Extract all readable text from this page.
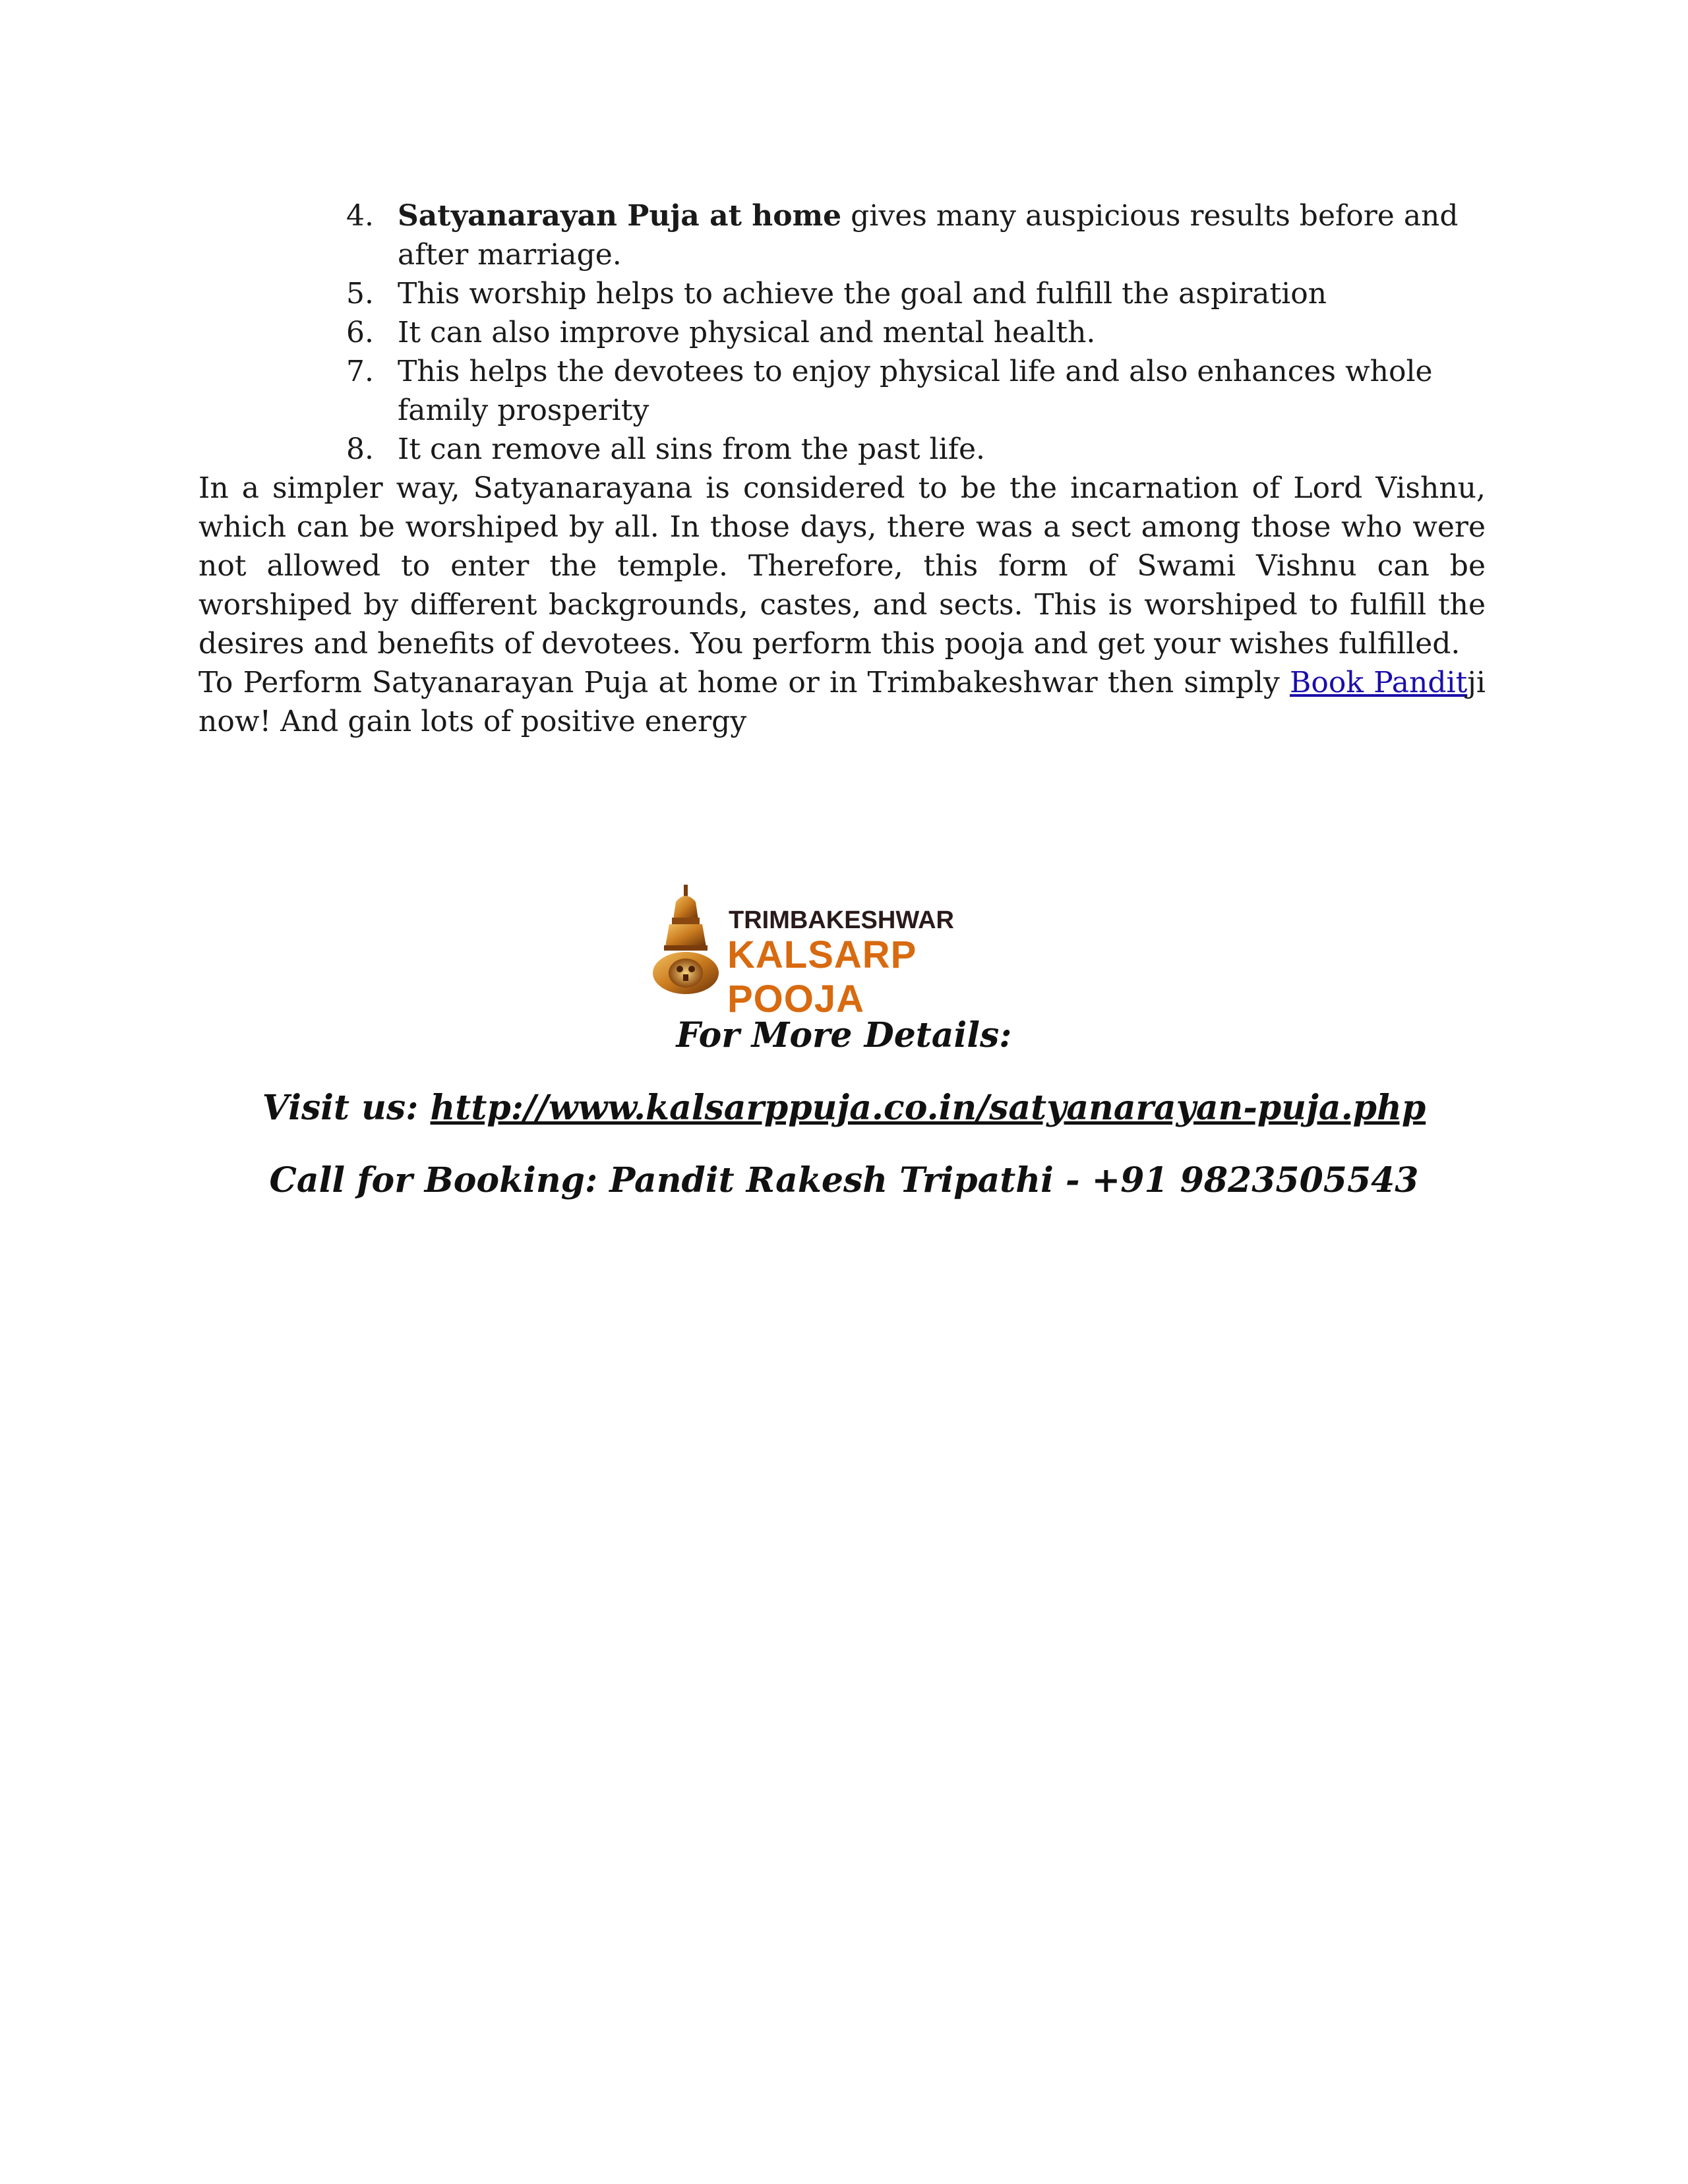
4. Satyanarayan Puja at home gives many auspicious results before and after marriage.
5. This worship helps to achieve the goal and fulfill the aspiration
6. It can also improve physical and mental health.
7. This helps the devotees to enjoy physical life and also enhances whole family prosperity
8. It can remove all sins from the past life.

In a simpler way, Satyanarayana is considered to be the incarnation of Lord Vishnu, which can be worshiped by all. In those days, there was a sect among those who were not allowed to enter the temple. Therefore, this form of Swami Vishnu can be worshiped by different backgrounds, castes, and sects. This is worshiped to fulfill the desires and benefits of devotees. You perform this pooja and get your wishes fulfilled.

To Perform Satyanarayan Puja at home or in Trimbakeshwar then simply Book Panditji now! And gain lots of positive energy

TRIMBAKESHWAR
KALSARP POOJA
For More Details:
Visit us: http://www.kalsarppuja.co.in/satyanarayan-puja.php
Call for Booking: Pandit Rakesh Tripathi - +91 9823505543
